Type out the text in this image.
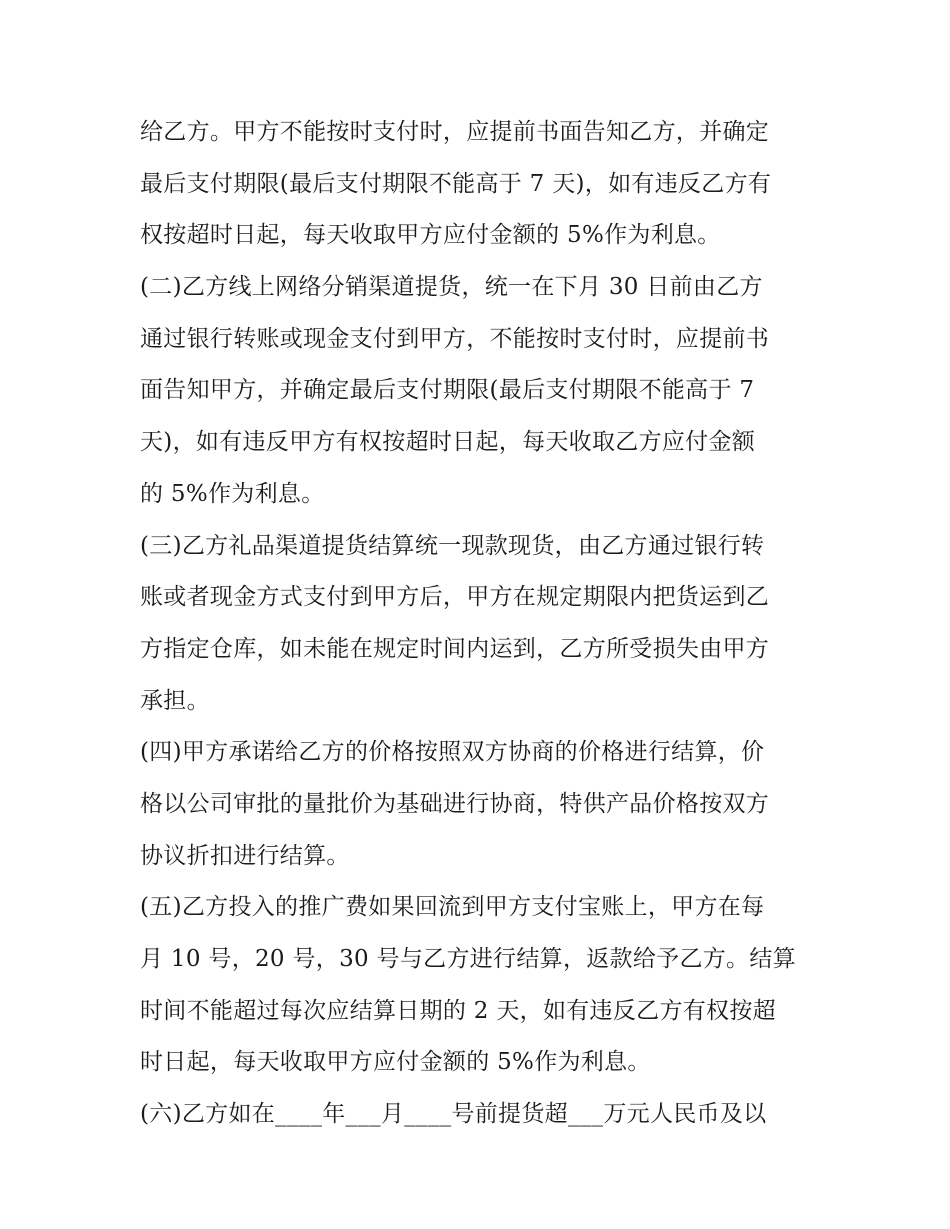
给乙方。甲方不能按时支付时，应提前书面告知乙方，并确定
最后支付期限(最后支付期限不能高于 7 天)，如有违反乙方有
权按超时日起，每天收取甲方应付金额的 5%作为利息。
(二)乙方线上网络分销渠道提货，统一在下月 30 日前由乙方
通过银行转账或现金支付到甲方，不能按时支付时，应提前书
面告知甲方，并确定最后支付期限(最后支付期限不能高于 7
天)，如有违反甲方有权按超时日起，每天收取乙方应付金额
的 5%作为利息。
(三)乙方礼品渠道提货结算统一现款现货，由乙方通过银行转
账或者现金方式支付到甲方后，甲方在规定期限内把货运到乙
方指定仓库，如未能在规定时间内运到，乙方所受损失由甲方
承担。
(四)甲方承诺给乙方的价格按照双方协商的价格进行结算，价
格以公司审批的量批价为基础进行协商，特供产品价格按双方
协议折扣进行结算。
(五)乙方投入的推广费如果回流到甲方支付宝账上，甲方在每
月 10 号，20 号，30 号与乙方进行结算，返款给予乙方。结算
时间不能超过每次应结算日期的 2 天，如有违反乙方有权按超
时日起，每天收取甲方应付金额的 5%作为利息。
(六)乙方如在____年___月____号前提货超___万元人民币及以
